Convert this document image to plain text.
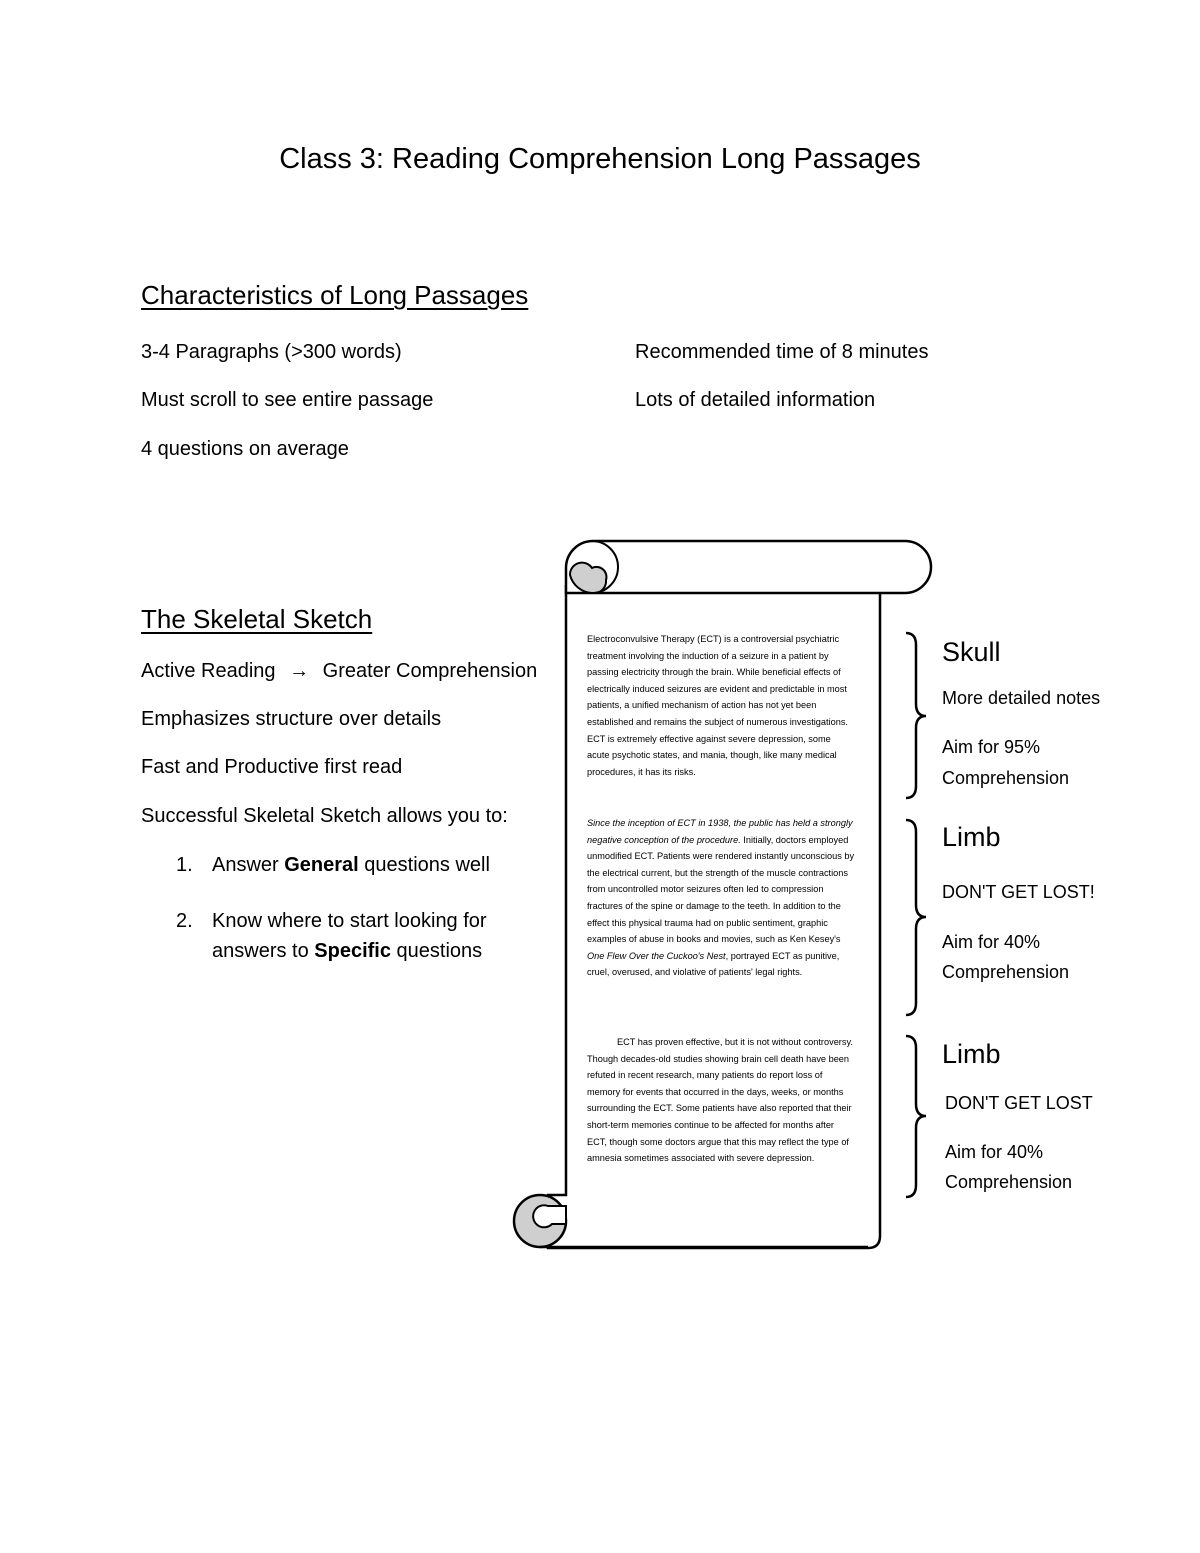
Class 3: Reading Comprehension Long Passages
Characteristics of Long Passages
3-4 Paragraphs (>300 words)
Must scroll to see entire passage
4 questions on average
Recommended time of 8 minutes
Lots of detailed information
The Skeletal Sketch
Active Reading → Greater Comprehension
Emphasizes structure over details
Fast and Productive first read
Successful Skeletal Sketch allows you to:
1. Answer General questions well
2. Know where to start looking for
answers to Specific questions

Electroconvulsive Therapy (ECT) is a controversial psychiatric treatment involving the induction of a seizure in a patient by passing electricity through the brain. While beneficial effects of electrically induced seizures are evident and predictable in most patients, a unified mechanism of action has not yet been established and remains the subject of numerous investigations. ECT is extremely effective against severe depression, some acute psychotic states, and mania, though, like many medical procedures, it has its risks.

Since the inception of ECT in 1938, the public has held a strongly negative conception of the procedure. Initially, doctors employed unmodified ECT. Patients were rendered instantly unconscious by the electrical current, but the strength of the muscle contractions from uncontrolled motor seizures often led to compression fractures of the spine or damage to the teeth. In addition to the effect this physical trauma had on public sentiment, graphic examples of abuse in books and movies, such as Ken Kesey's One Flew Over the Cuckoo's Nest, portrayed ECT as punitive, cruel, overused, and violative of patients' legal rights.

ECT has proven effective, but it is not without controversy. Though decades-old studies showing brain cell death have been refuted in recent research, many patients do report loss of memory for events that occurred in the days, weeks, or months surrounding the ECT. Some patients have also reported that their short-term memories continue to be affected for months after ECT, though some doctors argue that this may reflect the type of amnesia sometimes associated with severe depression.

Skull
More detailed notes
Aim for 95%
Comprehension
Limb
DON'T GET LOST!
Aim for 40%
Comprehension
Limb
DON'T GET LOST
Aim for 40%
Comprehension
